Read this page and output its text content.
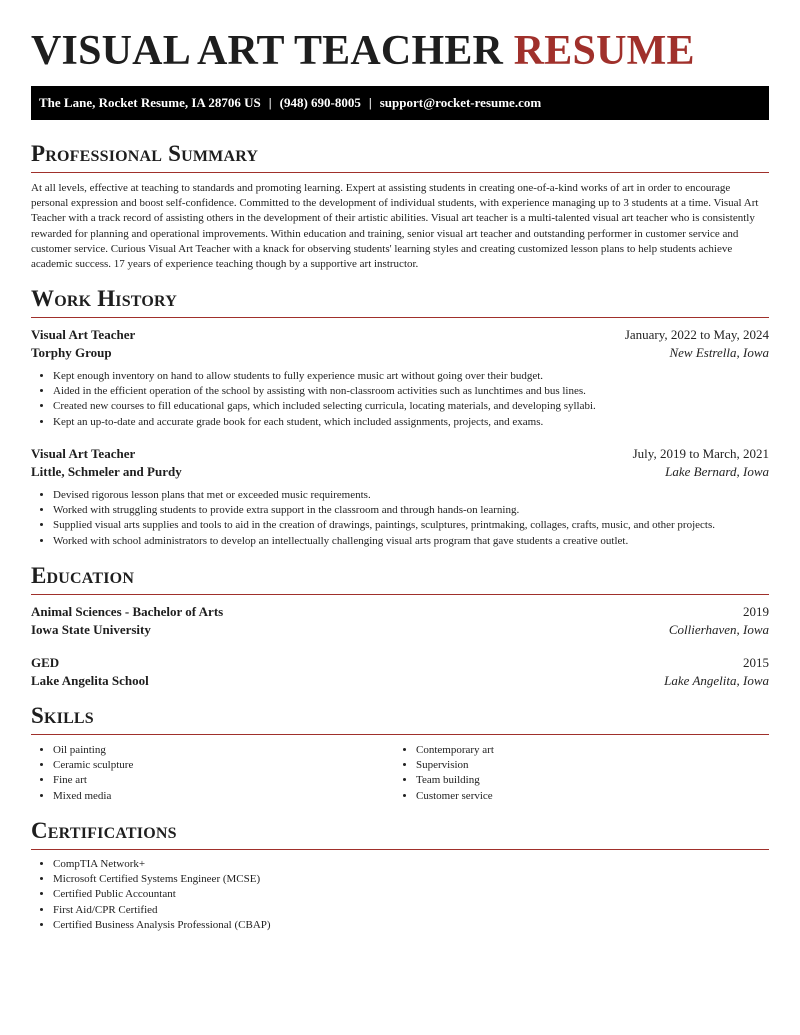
VISUAL ART TEACHER RESUME
The Lane, Rocket Resume, IA 28706 US | (948) 690-8005 | support@rocket-resume.com
Professional Summary

At all levels, effective at teaching to standards and promoting learning. Expert at assisting students in creating one-of-a-kind works of art in order to encourage personal expression and boost self-confidence. Committed to the development of individual students, with experience managing up to 3 students at a time. Visual Art Teacher with a track record of assisting others in the development of their artistic abilities. Visual art teacher is a multi-talented visual art teacher who is consistently rewarded for planning and operational improvements. Within education and training, senior visual art teacher and outstanding performer in customer service and customer service. Curious Visual Art Teacher with a knack for observing students' learning styles and creating customized lesson plans to help students achieve academic success. 17 years of experience teaching though by a supportive art instructor.

Work History
Visual Art Teacher	January, 2022 to May, 2024
Torphy Group	New Estrella, Iowa
• Kept enough inventory on hand to allow students to fully experience music art without going over their budget.
• Aided in the efficient operation of the school by assisting with non-classroom activities such as lunchtimes and bus lines.
• Created new courses to fill educational gaps, which included selecting curricula, locating materials, and developing syllabi.
• Kept an up-to-date and accurate grade book for each student, which included assignments, projects, and exams.
Visual Art Teacher	July, 2019 to March, 2021
Little, Schmeler and Purdy	Lake Bernard, Iowa
• Devised rigorous lesson plans that met or exceeded music requirements.
• Worked with struggling students to provide extra support in the classroom and through hands-on learning.
• Supplied visual arts supplies and tools to aid in the creation of drawings, paintings, sculptures, printmaking, collages, crafts, music, and other projects.
• Worked with school administrators to develop an intellectually challenging visual arts program that gave students a creative outlet.
Education
Animal Sciences - Bachelor of Arts	2019
Iowa State University	Collierhaven, Iowa
GED	2015
Lake Angelita School	Lake Angelita, Iowa
Skills
• Oil painting
• Ceramic sculpture
• Fine art
• Mixed media
• Contemporary art
• Supervision
• Team building
• Customer service
Certifications
• CompTIA Network+
• Microsoft Certified Systems Engineer (MCSE)
• Certified Public Accountant
• First Aid/CPR Certified
• Certified Business Analysis Professional (CBAP)
